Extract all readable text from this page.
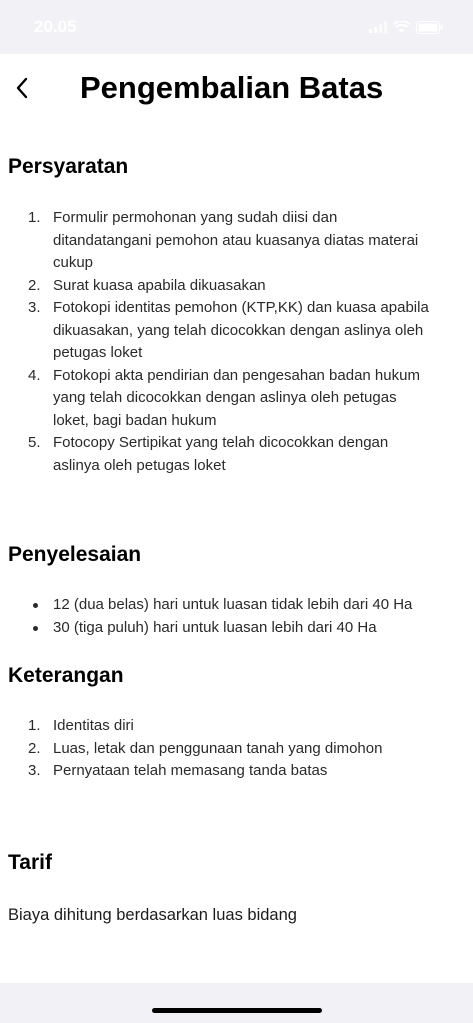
20.05
Pengembalian Batas
Persyaratan
1. Formulir permohonan yang sudah diisi dan
ditandatangani pemohon atau kuasanya diatas materai
cukup
2. Surat kuasa apabila dikuasakan
3. Fotokopi identitas pemohon (KTP,KK) dan kuasa apabila
dikuasakan, yang telah dicocokkan dengan aslinya oleh
petugas loket
4. Fotokopi akta pendirian dan pengesahan badan hukum
yang telah dicocokkan dengan aslinya oleh petugas
loket, bagi badan hukum
5. Fotocopy Sertipikat yang telah dicocokkan dengan
aslinya oleh petugas loket
Penyelesaian
12 (dua belas) hari untuk luasan tidak lebih dari 40 Ha
30 (tiga puluh) hari untuk luasan lebih dari 40 Ha
Keterangan
1. Identitas diri
2. Luas, letak dan penggunaan tanah yang dimohon
3. Pernyataan telah memasang tanda batas
Tarif
Biaya dihitung berdasarkan luas bidang
